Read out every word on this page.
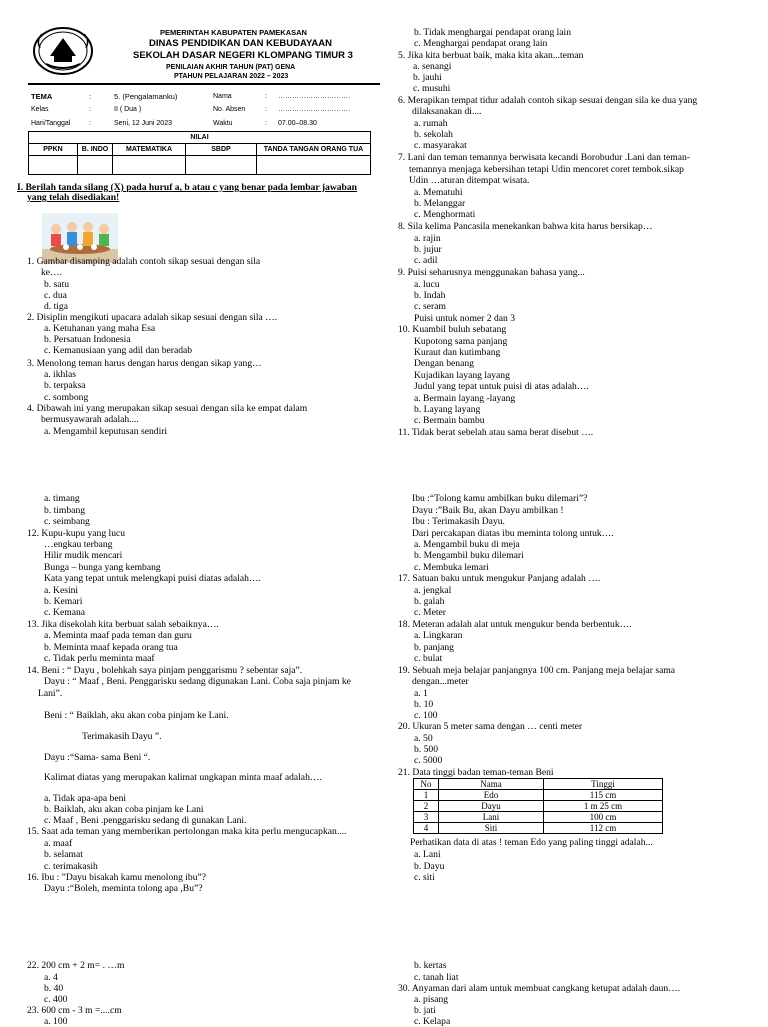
PEMERINTAH KABUPATEN PAMEKASAN
DINAS PENDIDIKAN DAN KEBUDAYAAN
SEKOLAH DASAR NEGERI KLOMPANG TIMUR 3
PENILAIAN AKHIR TAHUN (PAT) GENA
PTAHUN PELAJARAN 2022 – 2023
TEMA	:	5. (Pengalamanku)	Nama	: ………………………….
Kelas	:	II ( Dua )	No. Absen	: ………………………….
Hari/Tanggal	:	Seni, 12 Juni 2023	Waktu	: 07.00–08.30
NILAI				
PPKN	B. INDO	MATEMATIKA	SBDP	TANDA TANGAN ORANG TUA

I. Berilah tanda silang (X) pada huruf a, b atau c yang benar pada lembar jawaban
yang telah disediakan!
1. Gambar disamping adalah contoh sikap sesuai dengan sila
ke….
b. satu
c. dua
d. tiga
2. Disiplin mengikuti upacara adalah sikap sesuai dengan sila ….
a. Ketuhanan yang maha Esa
b. Persatuan Indonesia
c. Kemanusiaan yang adil dan beradab
3. Menolong teman harus dengan harus dengan sikap yang…
a. ikhlas
b. terpaksa
c. sombong
4. Dibawah ini yang merupakan sikap sesuai dengan sila ke empat dalam
bermusyawarah adalah....
a. Mengambil keputusan sendiri
b. Tidak menghargai pendapat orang lain
c. Menghargai pendapat orang lain
5. Jika kita berbuat baik, maka kita akan...teman
a. senangi
b. jauhi
c. musuhi
6. Merapikan tempat tidur adalah contoh sikap sesuai dengan sila ke dua yang
dilaksanakan di....
a. rumah
b. sekolah
c. masyarakat
7. Lani dan teman temannya berwisata kecandi Borobudur .Lani dan teman-
temannya menjaga kebersihan tetapi Udin mencoret coret tembok.sikap
Udin …aturan ditempat wisata.
a. Mematuhi
b. Melanggar
c. Menghormati
8. Sila kelima Pancasila menekankan bahwa kita harus bersikap…
a. rajin
b. jujur
c. adil
9. Puisi seharusnya menggunakan bahasa yang...
a. lucu
b. Indah
c. seram
Puisi untuk nomer 2 dan 3
10. Kuambil buluh sebatang
Kupotong sama panjang
Kuraut dan kutimbang
Dengan benang
Kujadikan layang layang
Judul yang tepat untuk puisi di atas adalah….
a. Bermain layang -layang
b. Layang layang
c. Bermain bambu
11. Tidak berat sebelah atau sama berat disebut ….
a. timang
b. timbang
c. seimbang
12. Kupu-kupu yang lucu
…engkau terbang
Hilir mudik mencari
Bunga – bunga yang kembang
Kata yang tepat untuk melengkapi puisi diatas adalah….
a. Kesini
b. Kemari
c. Kemana
13. Jika disekolah kita berbuat salah sebaiknya….
a. Meminta maaf pada teman dan guru
b. Meminta maaf kepada orang tua
c. Tidak perlu meminta maaf
14. Beni : “ Dayu , bolehkah saya pinjam penggarismu ? sebentar saja”.
Dayu : “ Maaf , Beni. Penggarisku sedang digunakan Lani. Coba saja pinjam ke
Lani”.
Beni : “ Baiklah, aku akan coba pinjam ke Lani.
Terimakasih Dayu ”.
Dayu :“Sama- sama Beni “.
Kalimat diatas yang merupakan kalimat ungkapan minta maaf adalah….
a. Tidak apa-apa beni
b. Baiklah, aku akan coba pinjam ke Lani
c. Maaf , Beni .penggarisku sedang di gunakan Lani.
15. Saat ada teman yang memberikan pertolongan maka kita perlu mengucapkan....
a. maaf
b. selamat
c. terimakasih
16. Ibu : ”Dayu bisakah kamu menolong ibu”?
Dayu :“Boleh, meminta tolong apa ,Bu”?
Ibu :“Tolong kamu ambilkan buku dilemari”?
Dayu :”Baik Bu, akan Dayu ambilkan !
Ibu : Terimakasih Dayu.
Dari percakapan diatas ibu meminta tolong untuk….
a. Mengambil buku di meja
b. Mengambil buku dilemari
c. Membuka lemari
17. Satuan baku untuk mengukur Panjang adalah ….
a. jengkal
b. galah
c. Meter
18. Meteran adalah alat untuk mengukur benda berbentuk….
a. Lingkaran
b. panjang
c. bulat
19. Sebuah meja belajar panjangnya 100 cm. Panjang meja belajar sama
dengan...meter
a. 1
b. 10
c. 100
20. Ukuran 5 meter sama dengan … centi meter
a. 50
b. 500
c. 5000
21. Data tinggi badan teman-teman Beni
No	Nama	Tinggi
1	Edo	115 cm
2	Dayu	1 m 25 cm
3	Lani	100 cm
4	Siti	112 cm
Perhatikan data di atas ! teman Edo yang paling tinggi adalah...
a. Lani
b. Dayu
c. siti
22. 200 cm + 2 m= . …m
a. 4
b. 40
c. 400
23. 600 cm - 3 m =....cm
a. 100
b. kertas
c. tanah liat
30. Anyaman dari alam untuk membuat cangkang ketupat adalah daun….
a. pisang
b. jati
c. Kelapa
